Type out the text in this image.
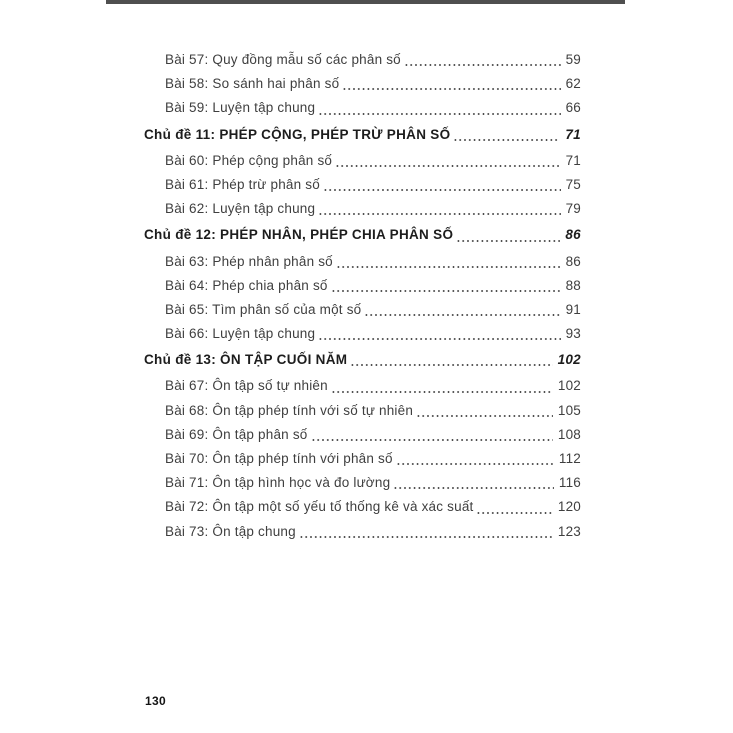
Bài 57: Quy đồng mẫu số các phân số	59
Bài 58: So sánh hai phân số	62
Bài 59: Luyện tập chung	66
Chủ đề 11: PHÉP CỘNG, PHÉP TRỪ PHÂN SỐ	71
Bài 60: Phép cộng phân số	71
Bài 61: Phép trừ phân số	75
Bài 62: Luyện tập chung	79
Chủ đề 12: PHÉP NHÂN, PHÉP CHIA PHÂN SỐ	86
Bài 63: Phép nhân phân số	86
Bài 64: Phép chia phân số	88
Bài 65: Tìm phân số của một số	91
Bài 66: Luyện tập chung	93
Chủ đề 13: ÔN TẬP CUỐI NĂM	102
Bài 67: Ôn tập số tự nhiên	102
Bài 68: Ôn tập phép tính với số tự nhiên	105
Bài 69: Ôn tập phân số	108
Bài 70: Ôn tập phép tính với phân số	112
Bài 71: Ôn tập hình học và đo lường	116
Bài 72: Ôn tập một số yếu tố thống kê và xác suất	120
Bài 73: Ôn tập chung	123
130
